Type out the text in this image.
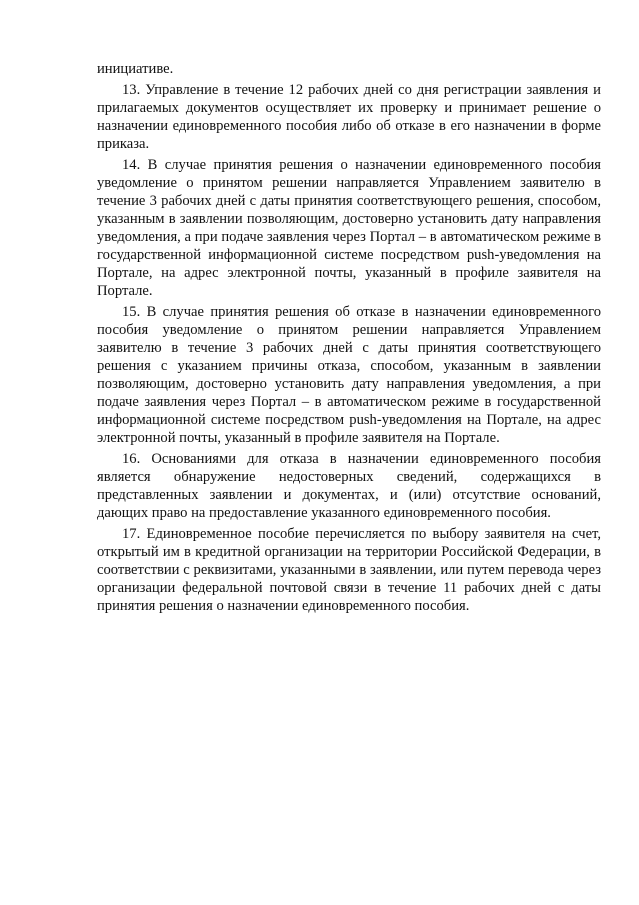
инициативе.

13. Управление в течение 12 рабочих дней со дня регистрации заявления и прилагаемых документов осуществляет их проверку и принимает решение о назначении единовременного пособия либо об отказе в его назначении в форме приказа.

14. В случае принятия решения о назначении единовременного пособия уведомление о принятом решении направляется Управлением заявителю в течение 3 рабочих дней с даты принятия соответствующего решения, способом, указанным в заявлении позволяющим, достоверно установить дату направления уведомления, а при подаче заявления через Портал – в автоматическом режиме в государственной информационной системе посредством push-уведомления на Портале, на адрес электронной почты, указанный в профиле заявителя на Портале.

15. В случае принятия решения об отказе в назначении единовременного пособия уведомление о принятом решении направляется Управлением заявителю в течение 3 рабочих дней с даты принятия соответствующего решения с указанием причины отказа, способом, указанным в заявлении позволяющим, достоверно установить дату направления уведомления, а при подаче заявления через Портал – в автоматическом режиме в государственной информационной системе посредством push-уведомления на Портале, на адрес электронной почты, указанный в профиле заявителя на Портале.

16. Основаниями для отказа в назначении единовременного пособия является обнаружение недостоверных сведений, содержащихся в представленных заявлении и документах, и (или) отсутствие оснований, дающих право на предоставление указанного единовременного пособия.

17. Единовременное пособие перечисляется по выбору заявителя на счет, открытый им в кредитной организации на территории Российской Федерации, в соответствии с реквизитами, указанными в заявлении, или путем перевода через организации федеральной почтовой связи в течение 11 рабочих дней с даты принятия решения о назначении единовременного пособия.
